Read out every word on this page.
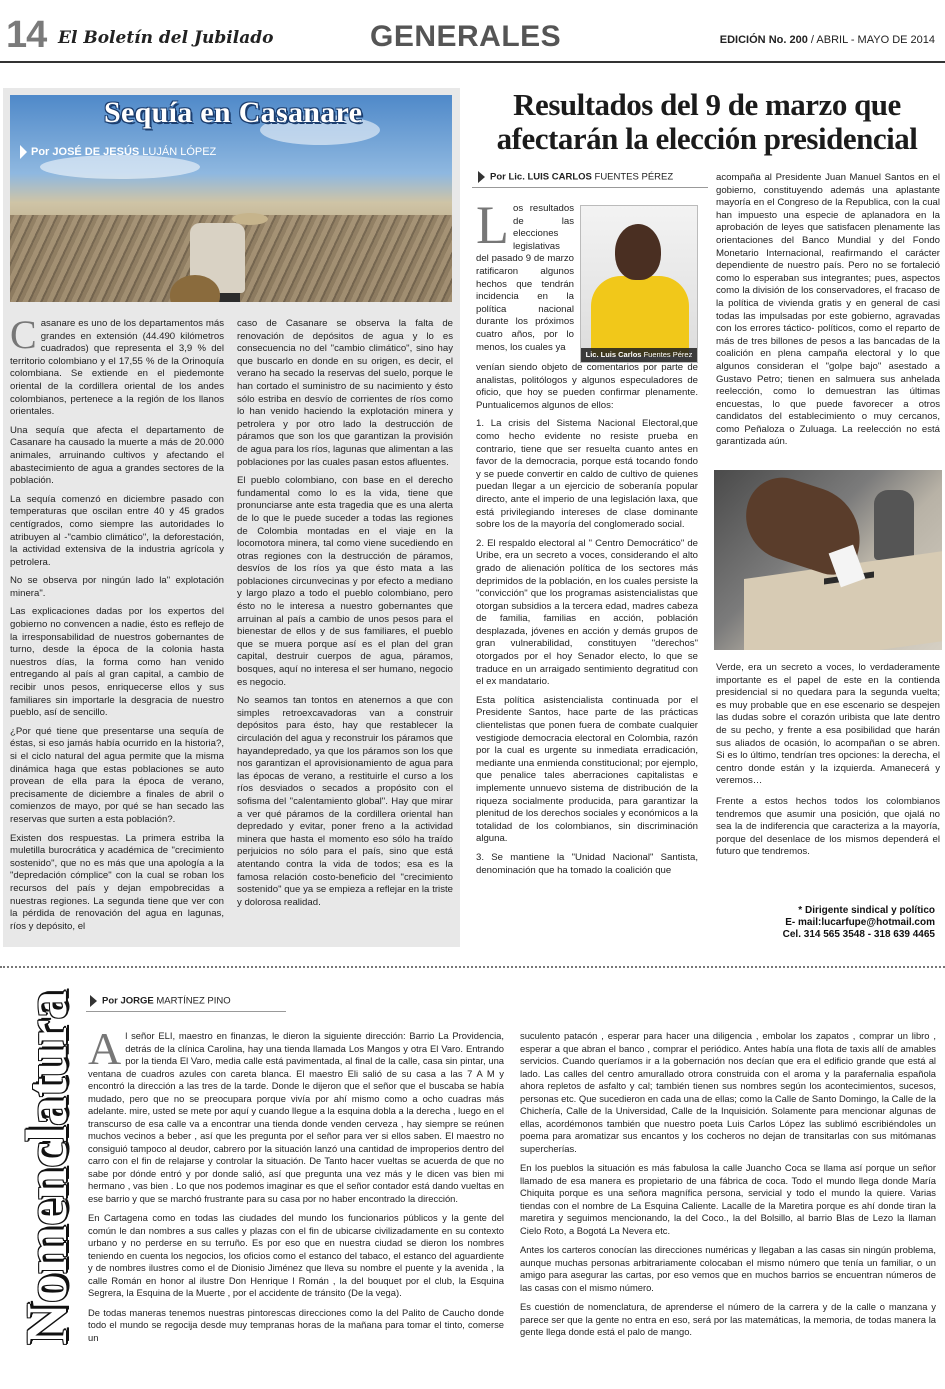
14 El Boletín del Jubilado	GENERALES	EDICIÓN No. 200 / ABRIL - MAYO DE 2014
Sequía en Casanare
Por JOSÉ DE JESÚS LUJÁN LÓPEZ

Casanare es uno de los departamentos más grandes en extensión (44.490 kilómetros cuadrados) que representa el 3,9 % del territorio colombiano y el 17,55 % de la Orinoquía colombiana. Se extiende en el piedemonte oriental de la cordillera oriental de los andes colombianos, pertenece a la región de los llanos orientales.

Una sequía que afecta el departamento de Casanare ha causado la muerte a más de 20.000 animales, arruinando cultivos y afectando el abastecimiento de agua a grandes sectores de la población.

La sequía comenzó en diciembre pasado con temperaturas que oscilan entre 40 y 45 grados centígrados, como siempre las autoridades lo atribuyen al -"cambio climático", la deforestación, la actividad extensiva de la industria agrícola y petrolera.

No se observa por ningún lado la" explotación minera".

Las explicaciones dadas por los expertos del gobierno no convencen a nadie, ésto es reflejo de la irresponsabilidad de nuestros gobernantes de turno, desde la época de la colonia hasta nuestros días, la forma como han venido entregando al país al gran capital, a cambio de recibir unos pesos, enriquecerse ellos y sus familiares sin importarle la desgracia de nuestro pueblo, así de sencillo.

¿Por qué tiene que presentarse una sequía de éstas, si eso jamás había ocurrido en la historia?, si el ciclo natural del agua permite que la misma dinámica haga que estas poblaciones se auto provean de ella para la época de verano, precisamente de diciembre a finales de abril o comienzos de mayo, por qué se han secado las reservas que surten a esta población?.

Existen dos respuestas. La primera estriba la muletilla burocrática y académica de "crecimiento sostenido", que no es más que una apología a la "depredación cómplice" con la cual se roban los recursos del país y dejan empobrecidas a nuestras regiones. La segunda tiene que ver con la pérdida de renovación del agua en lagunas, ríos y depósito, el

caso de Casanare se observa la falta de renovación de depósitos de agua y lo es consecuencia no del "cambio climático", sino hay que buscarlo en donde en su origen, es decir, el verano ha secado la reservas del suelo, porque le han cortado el suministro de su nacimiento y ésto sólo estriba en desvío de corrientes de ríos como lo han venido haciendo la explotación minera y petrolera y por otro lado la destrucción de páramos que son los que garantizan la provisión de agua para los ríos, lagunas que alimentan a las poblaciones por las cuales pasan estos afluentes.

El pueblo colombiano, con base en el derecho fundamental como lo es la vida, tiene que pronunciarse ante esta tragedia que es una alerta de lo que le puede suceder a todas las regiones de Colombia montadas en el viaje en la locomotora minera, tal como viene sucediendo en otras regiones con la destrucción de páramos, desvíos de los ríos ya que ésto mata a las poblaciones circunvecinas y por efecto a mediano y largo plazo a todo el pueblo colombiano, pero ésto no le interesa a nuestro gobernantes que arruinan al país a cambio de unos pesos para el bienestar de ellos y de sus familiares, el pueblo que se muera porque así es el plan del gran capital, destruir cuerpos de agua, páramos, bosques, aquí no interesa el ser humano, negocio es negocio.

No seamos tan tontos en atenernos a que con simples retroexcavadoras van a construir depósitos para ésto, hay que restablecer la circulación del agua y reconstruir los páramos que hayandepredado, ya que los páramos son los que nos garantizan el aprovisionamiento de agua para las épocas de verano, a restituirle el curso a los ríos desviados o secados a propósito con el sofisma del "calentamiento global". Hay que mirar a ver qué páramos de la cordillera oriental han depredado y evitar, poner freno a la actividad minera que hasta el momento eso sólo ha traído perjuicios no sólo para el país, sino que está atentando contra la vida de todos; esa es la famosa relación costo-beneficio del "crecimiento sostenido" que ya se empieza a reflejar en la triste y dolorosa realidad.

Resultados del 9 de marzo que afectarán la elección presidencial
Por Lic. LUIS CARLOS FUENTES PÉREZ
Lic. Luis Carlos Fuentes Pérez

Los resultados de las elecciones legislativas del pasado 9 de marzo ratificaron algunos hechos que tendrán incidencia en la política nacional durante los próximos cuatro años, por lo menos, los cuales ya

venían siendo objeto de comentarios por parte de analistas, politólogos y algunos especuladores de oficio, que hoy se pueden confirmar plenamente. Puntualicemos algunos de ellos:

1. La crisis del Sistema Nacional Electoral,que como hecho evidente no resiste prueba en contrario, tiene que ser resuelta cuanto antes en favor de la democracia, porque está tocando fondo y se puede convertir en caldo de cultivo de quienes puedan llegar a un ejercicio de soberanía popular directo, ante el imperio de una legislación laxa, que está privilegiando intereses de clase dominante sobre los de la mayoría del conglomerado social.

2. El respaldo electoral al " Centro Democrático" de Uribe, era un secreto a voces, considerando el alto grado de alienación política de los sectores más deprimidos de la población, en los cuales persiste la "convicción" que los programas asistencialistas que otorgan subsidios a la tercera edad, madres cabeza de familia, familias en acción, población desplazada, jóvenes en acción y demás grupos de gran vulnerabilidad, constituyen "derechos" otorgados por el hoy Senador electo, lo que se traduce en un arraigado sentimiento degratitud con el ex mandatario.

Esta política asistencialista continuada por el Presidente Santos, hace parte de las prácticas clientelistas que ponen fuera de combate cualquier vestigiode democracia electoral en Colombia, razón por la cual es urgente su inmediata erradicación, mediante una enmienda constitucional; por ejemplo, que penalice tales aberraciones capitalistas e implemente unnuevo sistema de distribución de la riqueza socialmente producida, para garantizar la plenitud de los derechos sociales y económicos a la totalidad de los colombianos, sin discriminación alguna.

3. Se mantiene la "Unidad Nacional" Santista, denominación que ha tomado la coalición que

acompaña al Presidente Juan Manuel Santos en el gobierno, constituyendo además una aplastante mayoría en el Congreso de la Republica, con la cual han impuesto una especie de aplanadora en la aprobación de leyes que satisfacen plenamente las orientaciones del Banco Mundial y del Fondo Monetario Internacional, reafirmando el carácter dependiente de nuestro país. Pero no se fortaleció como lo esperaban sus integrantes; pues, aspectos como la división de los conservadores, el fracaso de la política de vivienda gratis y en general de casi todas las impulsadas por este gobierno, agravadas con los errores táctico- políticos, como el reparto de más de tres billones de pesos a las bancadas de la coalición en plena campaña electoral y lo que algunos consideran el "golpe bajo" asestado a Gustavo Petro; tienen en salmuera sus anhelada reelección, como lo demuestran las últimas encuestas, lo que puede favorecer a otros candidatos del establecimiento o muy cercanos, como Peñaloza o Zuluaga. La reelección no está garantizada aún.

Verde, era un secreto a voces, lo verdaderamente importante es el papel de este en la contienda presidencial si no quedara para la segunda vuelta; es muy probable que en ese escenario se despejen las dudas sobre el corazón uribista que late dentro de su pecho, y frente a esa posibilidad que harán sus aliados de ocasión, lo acompañan o se abren. Si es lo último, tendrían tres opciones: la derecha, el centro donde están y la izquierda. Amanecerá y veremos…

Frente a estos hechos todos los colombianos tendremos que asumir una posición, que ojalá no sea la de indiferencia que caracteriza a la mayoría, porque del desenlace de los mismos dependerá el futuro que tendremos.

* Dirigente sindical y político
E- mail:lucarfupe@hotmail.com
Cel. 314 565 3548 - 318 639 4465
Nomenclatura	Por JORGE MARTÍNEZ PINO

Al señor ELI, maestro en finanzas, le dieron la siguiente dirección: Barrio La Providencia, detrás de la clínica Carolina, hay una tienda llamada Los Mangos y otra El Varo. Entrando por la tienda El Varo, media calle está pavimentada, al final de la calle, casa sin pintar, una ventana de cuadros azules con careta blanca. El maestro Eli salió de su casa a las 7 A M y encontró la dirección a las tres de la tarde. Donde le dijeron que el señor que el buscaba se había mudado, pero que no se preocupara porque vivía por ahí mismo como a ocho cuadras más adelante. mire, usted se mete por aquí y cuando llegue a la esquina dobla a la derecha , luego en el transcurso de esa calle va a encontrar una tienda donde venden cerveza , hay siempre se reúnen muchos vecinos a beber , así que les pregunta por el señor para ver si ellos saben. El maestro no consiguió tampoco al deudor, cabrero por la situación lanzó una cantidad de improperios dentro del carro con el fin de relajarse y controlar la situación. De Tanto hacer vueltas se acuerda de que no sabe por dónde entró y por donde salió, así que pregunta una vez más y le dicen vas bien mi hermano , vas bien . Lo que nos podemos imaginar es que el señor contador está dando vueltas en ese barrio y que se marchó frustrante para su casa por no haber encontrado la dirección.

En Cartagena como en todas las ciudades del mundo los funcionarios públicos y la gente del común le dan nombres a sus calles y plazas con el fin de ubicarse civilizadamente en su contexto urbano y no perderse en su terruño. Es por eso que en nuestra ciudad se dieron los nombres teniendo en cuenta los negocios, los oficios como el estanco del tabaco, el estanco del aguardiente y de nombres ilustres como el de Dionisio Jiménez que lleva su nombre el puente y la avenida , la calle Román en honor al ilustre Don Henrique l Román , la del bouquet por el club, la Esquina Segrera, la Esquina de la Muerte , por el accidente de tránsito (De la vega).

De todas maneras tenemos nuestras pintorescas direcciones como la del Palito de Caucho donde todo el mundo se regocija desde muy tempranas horas de la mañana para tomar el tinto, comerse un

suculento patacón , esperar para hacer una diligencia , embolar los zapatos , comprar un libro , esperar a que abran el banco , comprar el periódico. Antes había una flota de taxis allí de amables servicios. Cuando queríamos ir a la gobernación nos decían que era el edificio grande que está al lado. Las calles del centro amurallado otrora construida con el aroma y la parafernalia española ahora repletos de asfalto y cal; también tienen sus nombres según los acontecimientos, sucesos, personas etc. Que sucedieron en cada una de ellas; como la Calle de Santo Domingo, la Calle de la Chichería, Calle de la Universidad, Calle de la Inquisición. Solamente para mencionar algunas de ellas, acordémonos también que nuestro poeta Luis Carlos López las sublimó escribiéndoles un poema para aromatizar sus encantos y los cocheros no dejan de transitarlas con sus mitómanas supercherías.

En los pueblos la situación es más fabulosa la calle Juancho Coca se llama así porque un señor llamado de esa manera es propietario de una fábrica de coca. Todo el mundo llega donde María Chiquita porque es una señora magnífica persona, servicial y todo el mundo la quiere. Varias tiendas con el nombre de La Esquina Caliente. Lacalle de la Maretira porque es ahí donde tiran la maretira y seguimos mencionando, la del Coco., la del Bolsillo, al barrio Blas de Lezo la llaman Cielo Roto, a Bogotá La Nevera etc.

Antes los carteros conocían las direcciones numéricas y llegaban a las casas sin ningún problema, aunque muchas personas arbitrariamente colocaban el mismo número que tenía un familiar, o un amigo para asegurar las cartas, por eso vemos que en muchos barrios se encuentran números de las casas con el mismo número.

Es cuestión de nomenclatura, de aprenderse el número de la carrera y de la calle o manzana y parece ser que la gente no entra en eso, será por las matemáticas, la memoria, de todas manera la gente llega donde está el palo de mango.
